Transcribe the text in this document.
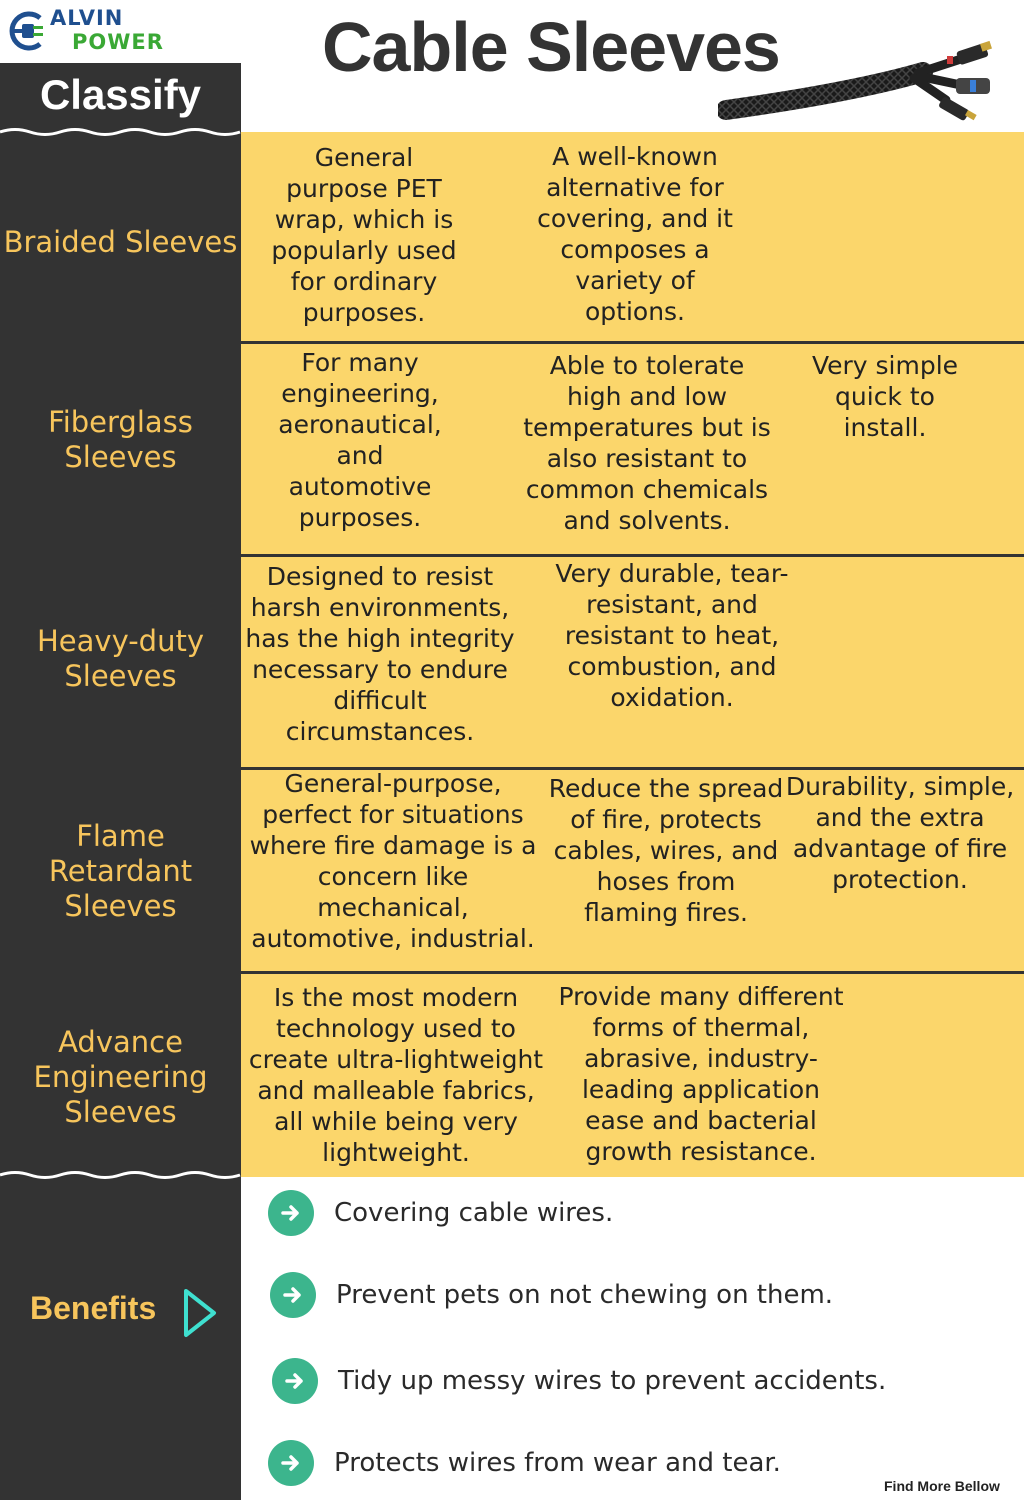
ALVIN
POWER Cable Sleeves
Classify
Braided Sleeves
Fiberglass Sleeves
Heavy-duty Sleeves
Flame Retardant Sleeves
Advance Engineering Sleeves
General purpose PET wrap, which is popularly used for ordinary purposes.
A well-known alternative for covering, and it composes a variety of options.
For many engineering, aeronautical, and automotive purposes.
Able to tolerate high and low temperatures but is also resistant to common chemicals and solvents.
Very simple quick to install.
Designed to resist harsh environments, has the high integrity necessary to endure difficult circumstances.
Very durable, tear-resistant, and resistant to heat, combustion, and oxidation.
General-purpose, perfect for situations where fire damage is a concern like mechanical, automotive, industrial.
Reduce the spread of fire, protects cables, wires, and hoses from flaming fires.
Durability, simple, and the extra advantage of fire protection.
Is the most modern technology used to create ultra-lightweight and malleable fabrics, all while being very lightweight.
Provide many different forms of thermal, abrasive, industry-leading application ease and bacterial growth resistance.
Benefits
Covering cable wires.
Prevent pets on not chewing on them.
Tidy up messy wires to prevent accidents.
Protects wires from wear and tear.
Find More Bellow
